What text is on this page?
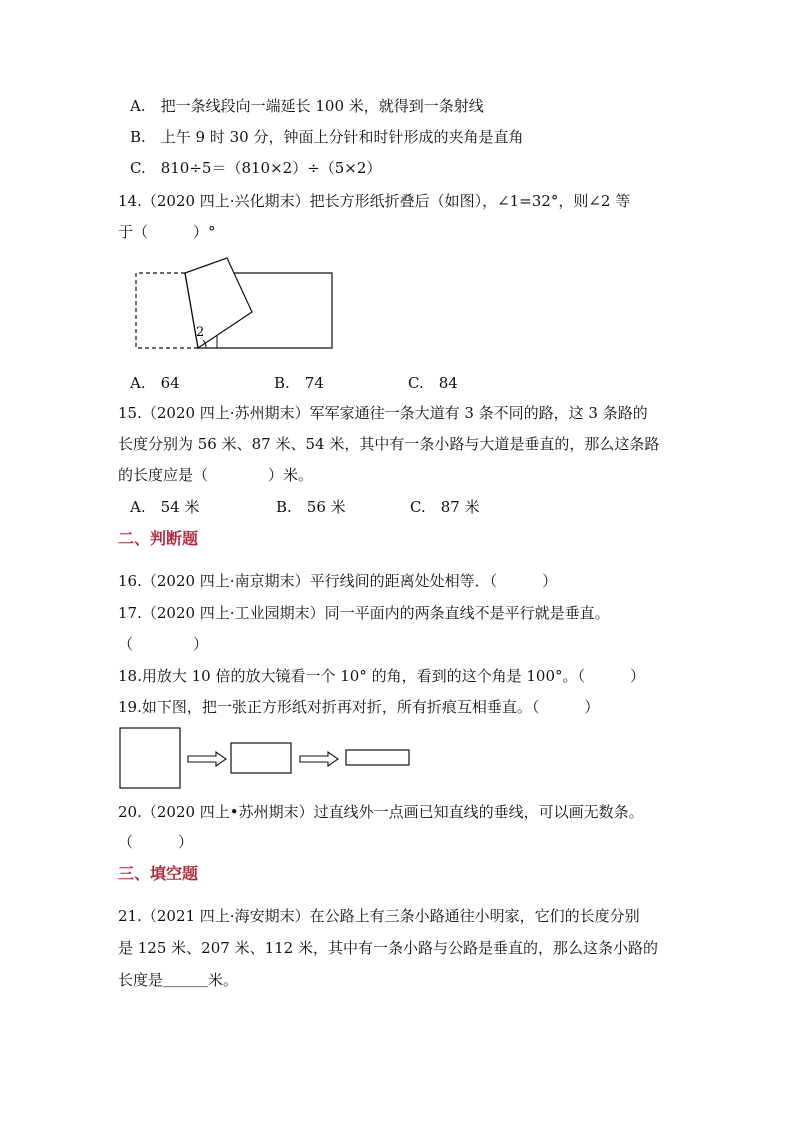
A.　把一条线段向一端延长 100 米，就得到一条射线
B.　上午 9 时 30 分，钟面上分针和时针形成的夹角是直角
C.　810÷5＝（810×2）÷（5×2）
14.（2020 四上·兴化期末）把长方形纸折叠后（如图），∠1=32°，则∠2 等
于（　　　）°
2
A.　64	B.　74	C.　84
15.（2020 四上·苏州期末）军军家通往一条大道有 3 条不同的路，这 3 条路的
长度分别为 56 米、87 米、54 米，其中有一条小路与大道是垂直的，那么这条路
的长度应是（　　　　）米。
A.　54 米	B.　56 米	C.　87 米
二、判断题
16.（2020 四上·南京期末）平行线间的距离处处相等．（　　　）
17.（2020 四上·工业园期末）同一平面内的两条直线不是平行就是垂直。
（　　　　）
18.用放大 10 倍的放大镜看一个 10° 的角，看到的这个角是 100°。（　　　）
19.如下图，把一张正方形纸对折再对折，所有折痕互相垂直。（　　　）
20.（2020 四上•苏州期末）过直线外一点画已知直线的垂线，可以画无数条。
（　　　）
三、填空题
21.（2021 四上·海安期末）在公路上有三条小路通往小明家，它们的长度分别
是 125 米、207 米、112 米，其中有一条小路与公路是垂直的，那么这条小路的
长度是＿＿＿米。
